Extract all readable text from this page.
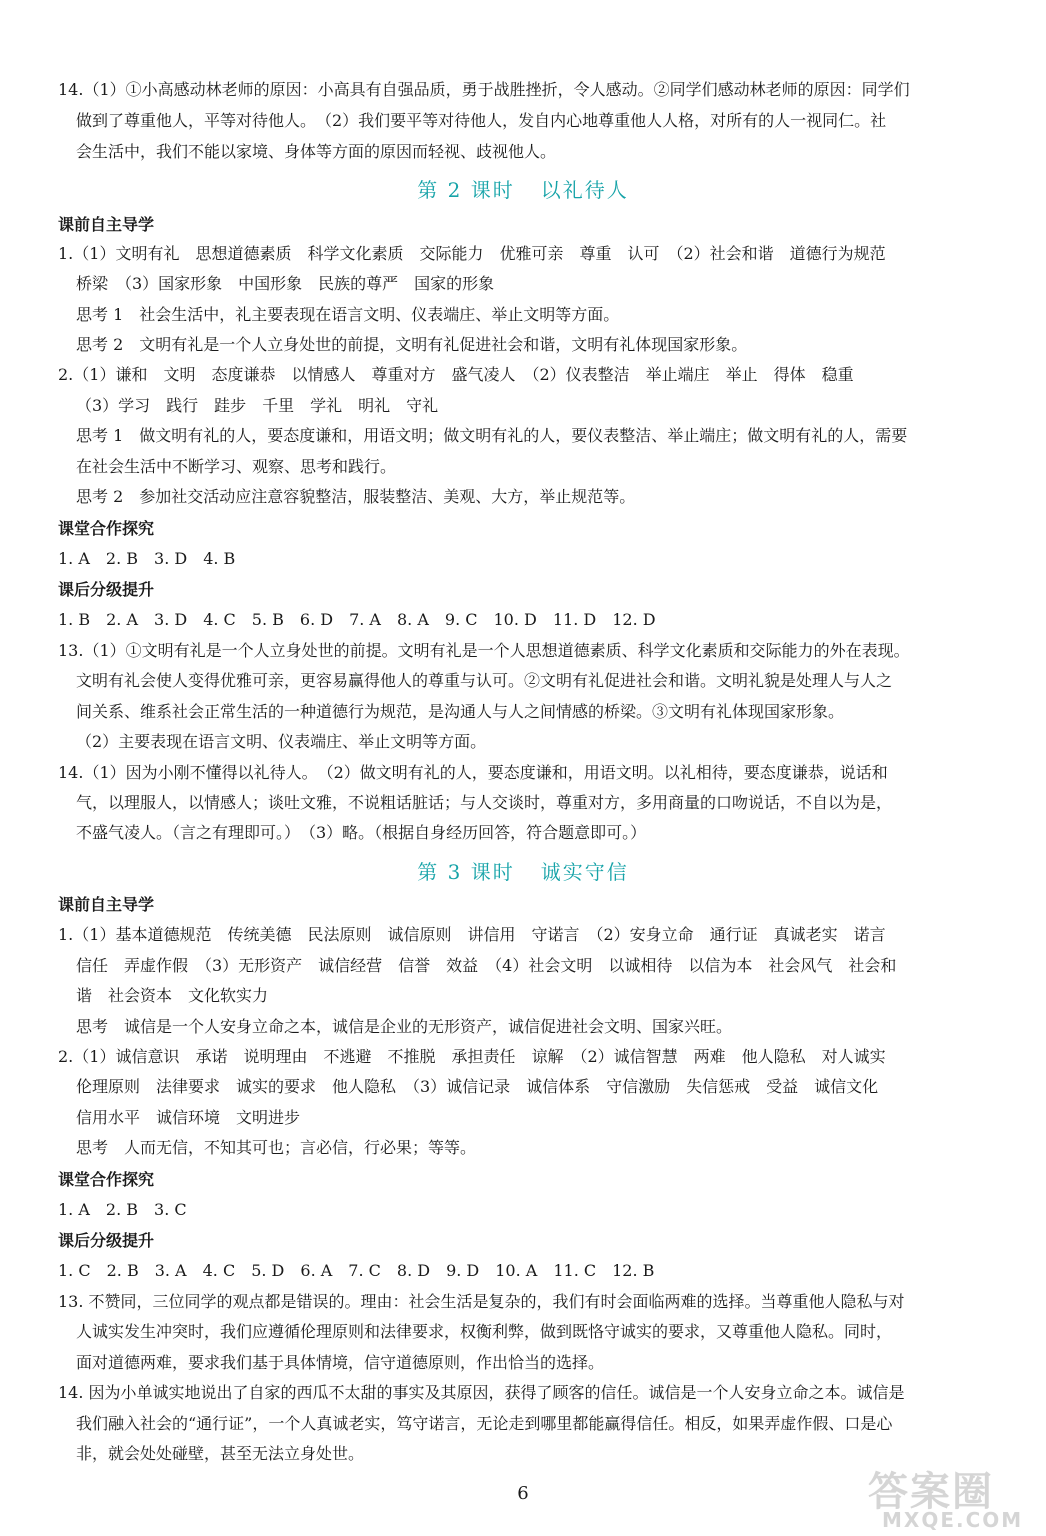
14.（1）①小高感动林老师的原因：小高具有自强品质，勇于战胜挫折，令人感动。②同学们感动林老师的原因：同学们
做到了尊重他人，平等对待他人。　（2）我们要平等对待他人，发自内心地尊重他人人格，对所有的人一视同仁。社
会生活中，我们不能以家境、身体等方面的原因而轻视、歧视他人。
第 2 课时 以礼待人
课前自主导学
1.（1）文明有礼　思想道德素质　科学文化素质　交际能力　优雅可亲　尊重　认可　（2）社会和谐　道德行为规范
桥梁　（3）国家形象　中国形象　民族的尊严　国家的形象
思考 1　社会生活中，礼主要表现在语言文明、仪表端庄、举止文明等方面。
思考 2　文明有礼是一个人立身处世的前提，文明有礼促进社会和谐，文明有礼体现国家形象。
2.（1）谦和　文明　态度谦恭　以情感人　尊重对方　盛气凌人　（2）仪表整洁　举止端庄　举止　得体　稳重
（3）学习　践行　跬步　千里　学礼　明礼　守礼
思考 1　做文明有礼的人，要态度谦和，用语文明；做文明有礼的人，要仪表整洁、举止端庄；做文明有礼的人，需要
在社会生活中不断学习、观察、思考和践行。
思考 2　参加社交活动应注意容貌整洁，服装整洁、美观、大方，举止规范等。
课堂合作探究
1. A　2. B　3. D　4. B
课后分级提升
1. B　2. A　3. D　4. C　5. B　6. D　7. A　8. A　9. C　10. D　11. D　12. D
13.（1）①文明有礼是一个人立身处世的前提。文明有礼是一个人思想道德素质、科学文化素质和交际能力的外在表现。
文明有礼会使人变得优雅可亲，更容易赢得他人的尊重与认可。②文明有礼促进社会和谐。文明礼貌是处理人与人之
间关系、维系社会正常生活的一种道德行为规范，是沟通人与人之间情感的桥梁。③文明有礼体现国家形象。
（2）主要表现在语言文明、仪表端庄、举止文明等方面。
14.（1）因为小刚不懂得以礼待人。　（2）做文明有礼的人，要态度谦和，用语文明。以礼相待，要态度谦恭，说话和
气，以理服人，以情感人；谈吐文雅，不说粗话脏话；与人交谈时，尊重对方，多用商量的口吻说话，不自以为是，
不盛气凌人。（言之有理即可。）　（3）略。（根据自身经历回答，符合题意即可。）
第 3 课时 诚实守信
课前自主导学
1.（1）基本道德规范　传统美德　民法原则　诚信原则　讲信用　守诺言　（2）安身立命　通行证　真诚老实　诺言
信任　弄虚作假　（3）无形资产　诚信经营　信誉　效益　（4）社会文明　以诚相待　以信为本　社会风气　社会和
谐　社会资本　文化软实力
思考　诚信是一个人安身立命之本，诚信是企业的无形资产，诚信促进社会文明、国家兴旺。
2.（1）诚信意识　承诺　说明理由　不逃避　不推脱　承担责任　谅解　（2）诚信智慧　两难　他人隐私　对人诚实
伦理原则　法律要求　诚实的要求　他人隐私　（3）诚信记录　诚信体系　守信激励　失信惩戒　受益　诚信文化
信用水平　诚信环境　文明进步
思考　人而无信，不知其可也；言必信，行必果；等等。
课堂合作探究
1. A　2. B　3. C
课后分级提升
1. C　2. B　3. A　4. C　5. D　6. A　7. C　8. D　9. D　10. A　11. C　12. B
13. 不赞同，三位同学的观点都是错误的。理由：社会生活是复杂的，我们有时会面临两难的选择。当尊重他人隐私与对
人诚实发生冲突时，我们应遵循伦理原则和法律要求，权衡利弊，做到既恪守诚实的要求，又尊重他人隐私。同时，
面对道德两难，要求我们基于具体情境，信守道德原则，作出恰当的选择。
14. 因为小单诚实地说出了自家的西瓜不太甜的事实及其原因，获得了顾客的信任。诚信是一个人安身立命之本。诚信是
我们融入社会的“通行证”，一个人真诚老实，笃守诺言，无论走到哪里都能赢得信任。相反，如果弄虚作假、口是心
非，就会处处碰壁，甚至无法立身处世。
6	答案圈
MXQE.COM
